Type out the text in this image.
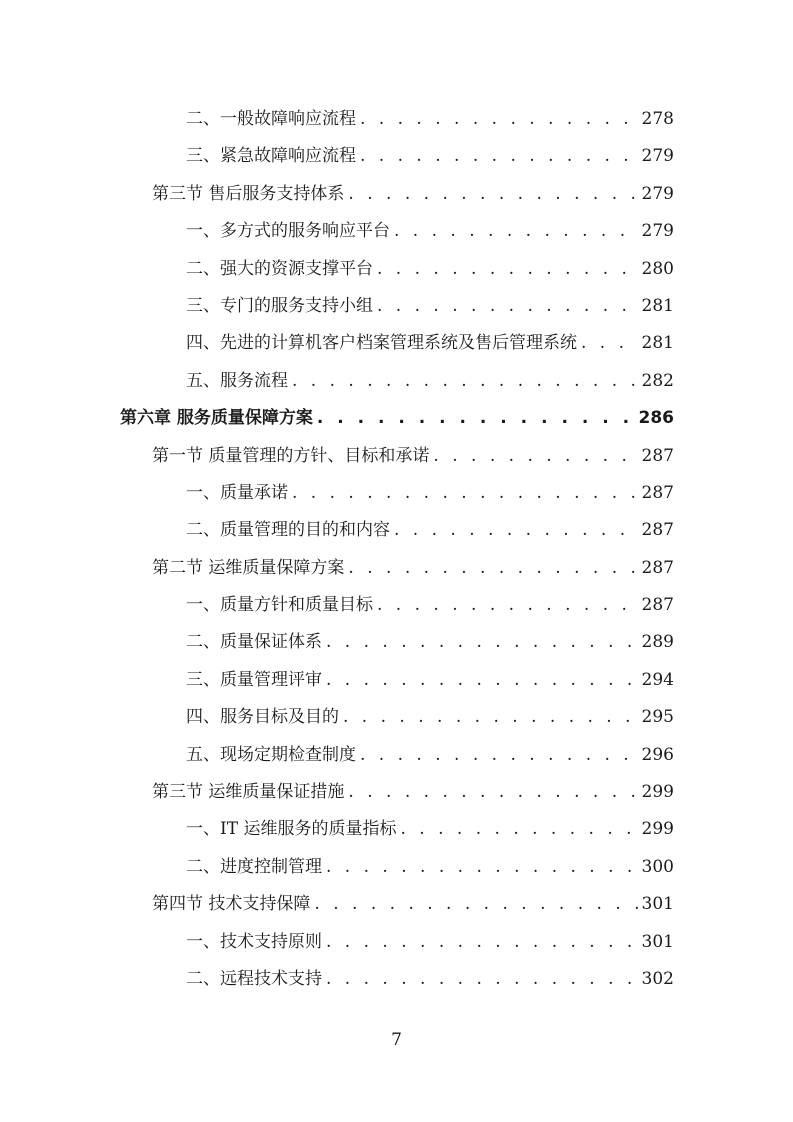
二、一般故障响应流程 . . .	278
三、紧急故障响应流程 . . .	279
第三节 售后服务支持体系 . . .	279
一、多方式的服务响应平台 . . .	279
二、强大的资源支撑平台 . . .	280
三、专门的服务支持小组 . . .	281
四、先进的计算机客户档案管理系统及售后管理系统 . . .	281
五、服务流程 . . .	282
第六章 服务质量保障方案 . . .	286
第一节 质量管理的方针、目标和承诺 . . .	287
一、质量承诺 . . .	287
二、质量管理的目的和内容 . . .	287
第二节 运维质量保障方案 . . .	287
一、质量方针和质量目标 . . .	287
二、质量保证体系 . . .	289
三、质量管理评审 . . .	294
四、服务目标及目的 . . .	295
五、现场定期检查制度 . . .	296
第三节 运维质量保证措施 . . .	299
一、IT 运维服务的质量指标 . . .	299
二、进度控制管理 . . .	300
第四节 技术支持保障 . . .	301
一、技术支持原则 . . .	301
二、远程技术支持 . . .	302
7
